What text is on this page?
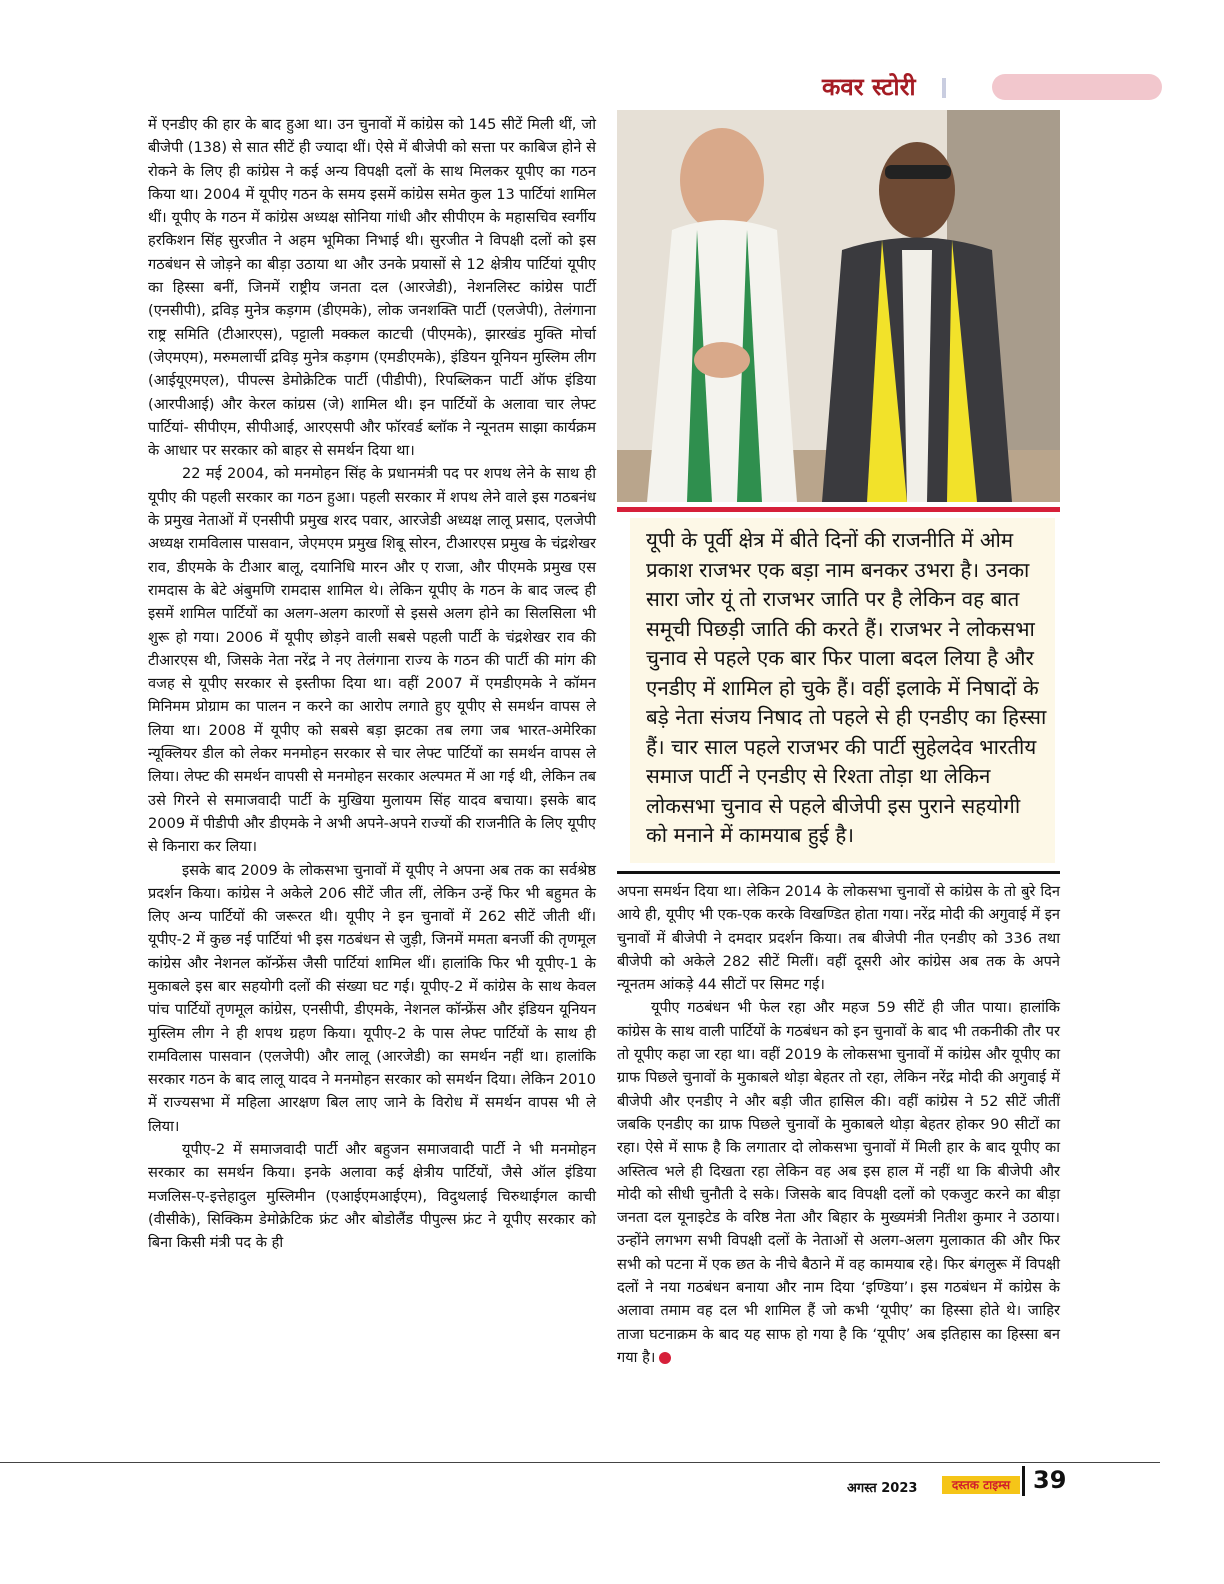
कवर स्टोरी

में एनडीए की हार के बाद हुआ था। उन चुनावों में कांग्रेस को 145 सीटें मिली थीं, जो बीजेपी (138) से सात सीटें ही ज्यादा थीं। ऐसे में बीजेपी को सत्ता पर काबिज होने से रोकने के लिए ही कांग्रेस ने कई अन्य विपक्षी दलों के साथ मिलकर यूपीए का गठन किया था। 2004 में यूपीए गठन के समय इसमें कांग्रेस समेत कुल 13 पार्टियां शामिल थीं। यूपीए के गठन में कांग्रेस अध्यक्ष सोनिया गांधी और सीपीएम के महासचिव स्वर्गीय हरकिशन सिंह सुरजीत ने अहम भूमिका निभाई थी। सुरजीत ने विपक्षी दलों को इस गठबंधन से जोड़ने का बीड़ा उठाया था और उनके प्रयासों से 12 क्षेत्रीय पार्टियां यूपीए का हिस्सा बनीं, जिनमें राष्ट्रीय जनता दल (आरजेडी), नेशनलिस्ट कांग्रेस पार्टी (एनसीपी), द्रविड़ मुनेत्र कड़गम (डीएमके), लोक जनशक्ति पार्टी (एलजेपी), तेलंगाना राष्ट्र समिति (टीआरएस), पट्टाली मक्कल काटची (पीएमके), झारखंड मुक्ति मोर्चा (जेएमएम), मरुमलार्ची द्रविड़ मुनेत्र कड़गम (एमडीएमके), इंडियन यूनियन मुस्लिम लीग (आईयूएमएल), पीपल्स डेमोक्रेटिक पार्टी (पीडीपी), रिपब्लिकन पार्टी ऑफ इंडिया (आरपीआई) और केरल कांग्रस (जे) शामिल थी। इन पार्टियों के अलावा चार लेफ्ट पार्टियां- सीपीएम, सीपीआई, आरएसपी और फॉरवर्ड ब्लॉक ने न्यूनतम साझा कार्यक्रम के आधार पर सरकार को बाहर से समर्थन दिया था।

22 मई 2004, को मनमोहन सिंह के प्रधानमंत्री पद पर शपथ लेने के साथ ही यूपीए की पहली सरकार का गठन हुआ। पहली सरकार में शपथ लेने वाले इस गठबनंध के प्रमुख नेताओं में एनसीपी प्रमुख शरद पवार, आरजेडी अध्यक्ष लालू प्रसाद, एलजेपी अध्यक्ष रामविलास पासवान, जेएमएम प्रमुख शिबू सोरन, टीआरएस प्रमुख के चंद्रशेखर राव, डीएमके के टीआर बालू, दयानिधि मारन और ए राजा, और पीएमके प्रमुख एस रामदास के बेटे अंबुमणि रामदास शामिल थे। लेकिन यूपीए के गठन के बाद जल्द ही इसमें शामिल पार्टियों का अलग-अलग कारणों से इससे अलग होने का सिलसिला भी शुरू हो गया। 2006 में यूपीए छोड़ने वाली सबसे पहली पार्टी के चंद्रशेखर राव की टीआरएस थी, जिसके नेता नरेंद्र ने नए तेलंगाना राज्य के गठन की पार्टी की मांग की वजह से यूपीए सरकार से इस्तीफा दिया था। वहीं 2007 में एमडीएमके ने कॉमन मिनिमम प्रोग्राम का पालन न करने का आरोप लगाते हुए यूपीए से समर्थन वापस ले लिया था। 2008 में यूपीए को सबसे बड़ा झटका तब लगा जब भारत-अमेरिका न्यूक्लियर डील को लेकर मनमोहन सरकार से चार लेफ्ट पार्टियों का समर्थन वापस ले लिया। लेफ्ट की समर्थन वापसी से मनमोहन सरकार अल्पमत में आ गई थी, लेकिन तब उसे गिरने से समाजवादी पार्टी के मुखिया मुलायम सिंह यादव बचाया। इसके बाद 2009 में पीडीपी और डीएमके ने अभी अपने-अपने राज्यों की राजनीति के लिए यूपीए से किनारा कर लिया।

इसके बाद 2009 के लोकसभा चुनावों में यूपीए ने अपना अब तक का सर्वश्रेष्ठ प्रदर्शन किया। कांग्रेस ने अकेले 206 सीटें जीत लीं, लेकिन उन्हें फिर भी बहुमत के लिए अन्य पार्टियों की जरूरत थी। यूपीए ने इन चुनावों में 262 सीटें जीती थीं। यूपीए-2 में कुछ नई पार्टियां भी इस गठबंधन से जुड़ी, जिनमें ममता बनर्जी की तृणमूल कांग्रेस और नेशनल कॉन्फ्रेंस जैसी पार्टियां शामिल थीं। हालांकि फिर भी यूपीए-1 के मुकाबले इस बार सहयोगी दलों की संख्या घट गई। यूपीए-2 में कांग्रेस के साथ केवल पांच पार्टियों तृणमूल कांग्रेस, एनसीपी, डीएमके, नेशनल कॉन्फ्रेंस और इंडियन यूनियन मुस्लिम लीग ने ही शपथ ग्रहण किया। यूपीए-2 के पास लेफ्ट पार्टियों के साथ ही रामविलास पासवान (एलजेपी) और लालू (आरजेडी) का समर्थन नहीं था। हालांकि सरकार गठन के बाद लालू यादव ने मनमोहन सरकार को समर्थन दिया। लेकिन 2010 में राज्यसभा में महिला आरक्षण बिल लाए जाने के विरोध में समर्थन वापस भी ले लिया।

यूपीए-2 में समाजवादी पार्टी और बहुजन समाजवादी पार्टी ने भी मनमोहन सरकार का समर्थन किया। इनके अलावा कई क्षेत्रीय पार्टियों, जैसे ऑल इंडिया मजलिस-ए-इत्तेहादुल मुस्लिमीन (एआईएमआईएम), विदुथलाई चिरुथाईगल काची (वीसीके), सिक्किम डेमोक्रेटिक फ्रंट और बोडोलैंड पीपुल्स फ्रंट ने यूपीए सरकार को बिना किसी मंत्री पद के ही

यूपी के पूर्वी क्षेत्र में बीते दिनों की राजनीति में ओम प्रकाश राजभर एक बड़ा नाम बनकर उभरा है। उनका सारा जोर यूं तो राजभर जाति पर है लेकिन वह बात समूची पिछड़ी जाति की करते हैं। राजभर ने लोकसभा चुनाव से पहले एक बार फिर पाला बदल लिया है और एनडीए में शामिल हो चुके हैं। वहीं इलाके में निषादों के बड़े नेता संजय निषाद तो पहले से ही एनडीए का हिस्सा हैं। चार साल पहले राजभर की पार्टी सुहेलदेव भारतीय समाज पार्टी ने एनडीए से रिश्ता तोड़ा था लेकिन लोकसभा चुनाव से पहले बीजेपी इस पुराने सहयोगी को मनाने में कामयाब हुई है।

अपना समर्थन दिया था। लेकिन 2014 के लोकसभा चुनावों से कांग्रेस के तो बुरे दिन आये ही, यूपीए भी एक-एक करके विखण्डित होता गया। नरेंद्र मोदी की अगुवाई में इन चुनावों में बीजेपी ने दमदार प्रदर्शन किया। तब बीजेपी नीत एनडीए को 336 तथा बीजेपी को अकेले 282 सीटें मिलीं। वहीं दूसरी ओर कांग्रेस अब तक के अपने न्यूनतम आंकड़े 44 सीटों पर सिमट गई।

यूपीए गठबंधन भी फेल रहा और महज 59 सीटें ही जीत पाया। हालांकि कांग्रेस के साथ वाली पार्टियों के गठबंधन को इन चुनावों के बाद भी तकनीकी तौर पर तो यूपीए कहा जा रहा था। वहीं 2019 के लोकसभा चुनावों में कांग्रेस और यूपीए का ग्राफ पिछले चुनावों के मुकाबले थोड़ा बेहतर तो रहा, लेकिन नरेंद्र मोदी की अगुवाई में बीजेपी और एनडीए ने और बड़ी जीत हासिल की। वहीं कांग्रेस ने 52 सीटें जीतीं जबकि एनडीए का ग्राफ पिछले चुनावों के मुकाबले थोड़ा बेहतर होकर 90 सीटों का रहा। ऐसे में साफ है कि लगातार दो लोकसभा चुनावों में मिली हार के बाद यूपीए का अस्तित्व भले ही दिखता रहा लेकिन वह अब इस हाल में नहीं था कि बीजेपी और मोदी को सीधी चुनौती दे सके। जिसके बाद विपक्षी दलों को एकजुट करने का बीड़ा जनता दल यूनाइटेड के वरिष्ठ नेता और बिहार के मुख्यमंत्री नितीश कुमार ने उठाया। उन्होंने लगभग सभी विपक्षी दलों के नेताओं से अलग-अलग मुलाकात की और फिर सभी को पटना में एक छत के नीचे बैठाने में वह कामयाब रहे। फिर बंगलुरू में विपक्षी दलों ने नया गठबंधन बनाया और नाम दिया ‘इण्डिया’। इस गठबंधन में कांग्रेस के अलावा तमाम वह दल भी शामिल हैं जो कभी ‘यूपीए’ का हिस्सा होते थे। जाहिर ताजा घटनाक्रम के बाद यह साफ हो गया है कि ‘यूपीए’ अब इतिहास का हिस्सा बन गया है।

अगस्त 2023	दस्तक टाइम्स 39
